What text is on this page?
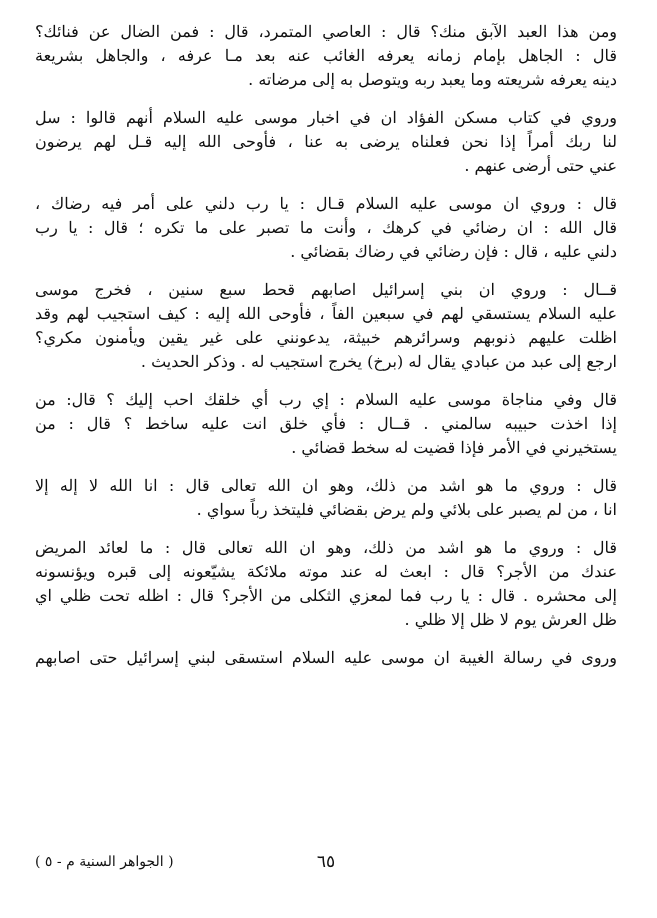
ومن هذا العبد الآبق منك؟ قال : العاصي المتمرد، قال : فمن الضال عن فنائك؟
قال : الجاهل بإمام زمانه يعرفه الغائب عنه بعد مـا عرفه ، والجاهل بشريعة
دينه يعرفه شريعته وما يعبد ربه ويتوصل به إلى مرضاته .
وروي في كتاب مسكن الفؤاد ان في اخبار موسى عليه السلام أنهم قالوا : سل
لنا ربك أمراً إذا نحن فعلناه يرضى به عنا ، فأوحى الله إليه قـل لهم يرضون
عني حتى أرضى عنهم .
قال : وروي ان موسى عليه السلام قـال : يا رب دلني على أمر فيه رضاك ،
قال الله : ان رضائي في كرهك ، وأنت ما تصبر على ما تكره ؛ قال : يا رب
دلني عليه ، قال : فإن رضائي في رضاك بقضائي .
قــال : وروي ان بني إسرائيل اصابهم قحط سبع سنين ، فخرج موسى
عليه السلام يستسقي لهم في سبعين الفاً ، فأوحى الله إليه : كيف استجيب لهم وقد
اظلت عليهم ذنوبهم وسرائرهم خبيثة، يدعونني على غير يقين ويأمنون مكري؟
ارجع إلى عبد من عبادي يقال له (برخ) يخرج استجيب له . وذكر الحديث .
قال وفي مناجاة موسى عليه السلام : إي رب أي خلقك احب إليك ؟ قال: من
إذا اخذت حبيبه سالمني . قــال : فأي خلق انت عليه ساخط ؟ قال : من
يستخيرني في الأمر فإذا قضيت له سخط قضائي .
قال : وروي ما هو اشد من ذلك، وهو ان الله تعالى قال : انا الله لا إله إلا
انا ، من لم يصبر على بلائي ولم يرض بقضائي فليتخذ رباً سواي .
قال : وروي ما هو اشد من ذلك، وهو ان الله تعالى قال : ما لعائد المريض
عندك من الأجر؟ قال : ابعث له عند موته ملائكة يشيّعونه إلى قبره ويؤنسونه
إلى محشره . قال : يا رب فما لمعزي الثكلى من الأجر؟ قال : اظله تحت ظلي اي
ظل العرش يوم لا ظل إلا ظلي .
وروى في رسالة الغيبة ان موسى عليه السلام استسقى لبني إسرائيل حتى اصابهم
٦٥
( الجواهر السنية م - ٥ )
